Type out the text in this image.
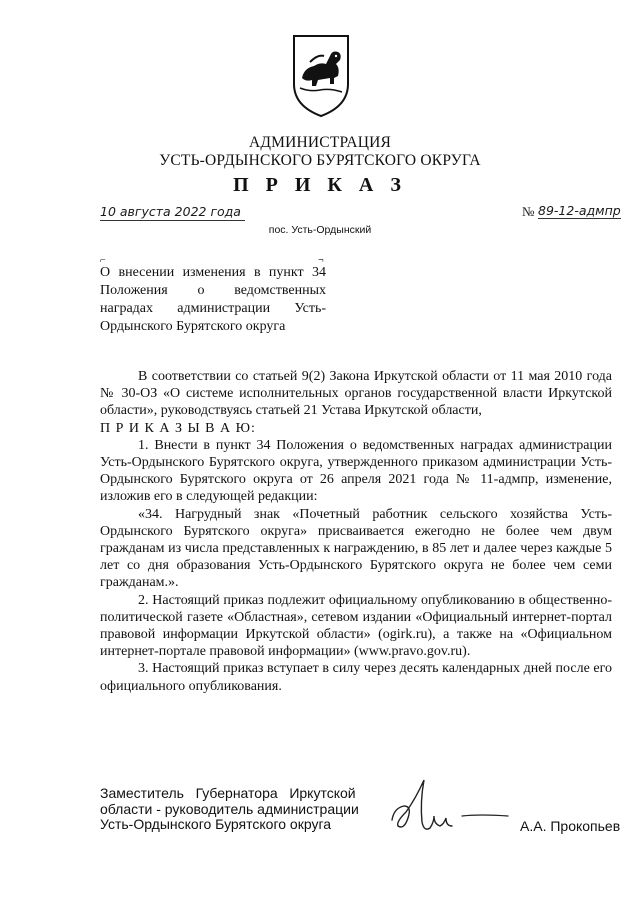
АДМИНИСТРАЦИЯ
УСТЬ-ОРДЫНСКОГО БУРЯТСКОГО ОКРУГА
П Р И К А З
10 августа 2022 года	№ 89-12-адмпр
пос. Усть-Ордынский
⌐	¬
О внесении изменения в пункт 34 Положения о ведомственных наградах администрации Усть-Ордынского Бурятского округа

В соответствии со статьей 9(2) Закона Иркутской области от 11 мая 2010 года № 30-ОЗ «О системе исполнительных органов государственной власти Иркутской области», руководствуясь статьей 21 Устава Иркутской области,

П Р И К А З Ы В А Ю:

1. Внести в пункт 34 Положения о ведомственных наградах администрации Усть-Ордынского Бурятского округа, утвержденного приказом администрации Усть-Ордынского Бурятского округа от 26 апреля 2021 года № 11-адмпр, изменение, изложив его в следующей редакции:

«34. Нагрудный знак «Почетный работник сельского хозяйства Усть-Ордынского Бурятского округа» присваивается ежегодно не более чем двум гражданам из числа представленных к награждению, в 85 лет и далее через каждые 5 лет со дня образования Усть-Ордынского Бурятского округа не более чем семи гражданам.».

2. Настоящий приказ подлежит официальному опубликованию в общественно-политической газете «Областная», сетевом издании «Официальный интернет-портал правовой информации Иркутской области» (ogirk.ru), а также на «Официальном интернет-портале правовой информации» (www.pravo.gov.ru).

3. Настоящий приказ вступает в силу через десять календарных дней после его официального опубликования.

Заместитель   Губернатора   Иркутской
области - руководитель администрации
Усть-Ордынского Бурятского округа	А.А. Прокопьев
